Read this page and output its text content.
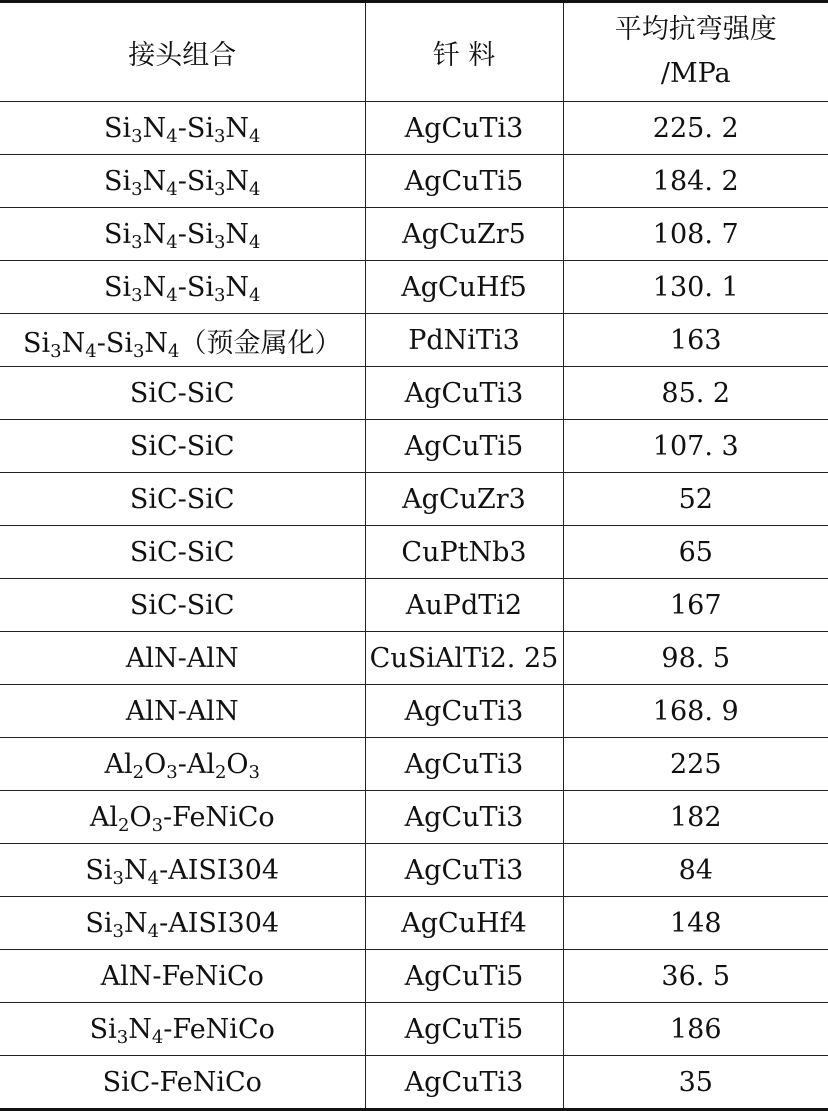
接头组合	钎 料	平均抗弯强度
/MPa

$Si_3N_4-Si_3N_4$	AgCuTi3	225. 2
$Si_3N_4-Si_3N_4$	AgCuTi5	184. 2
$Si_3N_4-Si_3N_4$	AgCuZr5	108. 7
$Si_3N_4-Si_3N_4$	AgCuHf5	130. 1
$Si_3N_4-Si_3N_4$（预金属化）	PdNiTi3	163
SiC-SiC	AgCuTi3	85. 2
SiC-SiC	AgCuTi5	107. 3
SiC-SiC	AgCuZr3	52
SiC-SiC	CuPtNb3	65
SiC-SiC	AuPdTi2	167
AlN-AlN	CuSiAlTi2. 25	98. 5
AlN-AlN	AgCuTi3	168. 9
$Al_2O_3-Al_2O_3$	AgCuTi3	225
$Al_2O_3$-FeNiCo	AgCuTi3	182
$Si_3N_4-AISI304$	AgCuTi3	84
$Si_3N_4-AISI304$	AgCuHf4	148
AlN-FeNiCo	AgCuTi5	36. 5
$Si_3N_4$-FeNiCo	AgCuTi5	186
SiC-FeNiCo	AgCuTi3	35
